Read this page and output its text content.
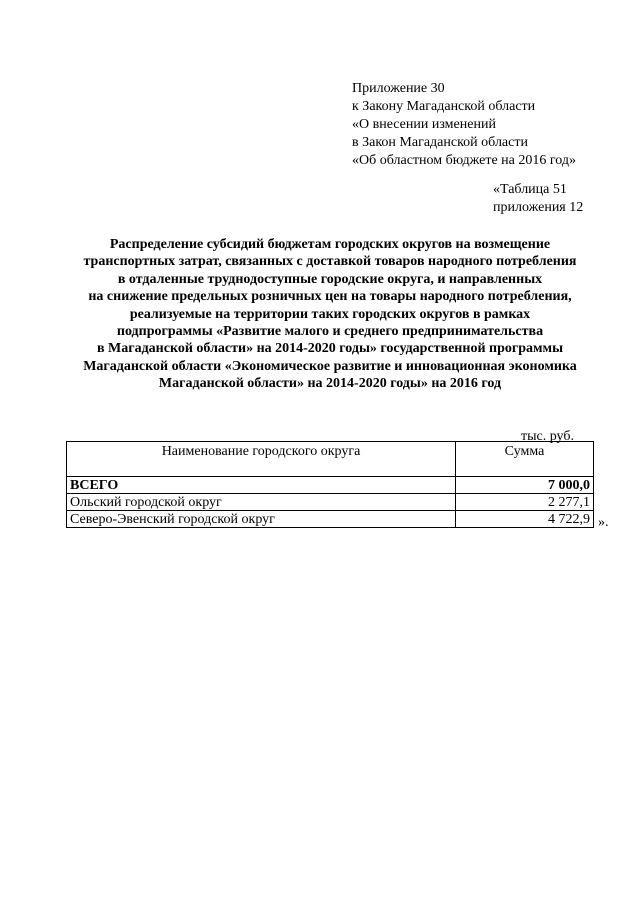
Приложение 30
к Закону Магаданской области
«О внесении изменений
в Закон Магаданской области
«Об областном бюджете на 2016 год»
«Таблица 51
приложения 12
Распределение субсидий бюджетам городских округов на возмещение
транспортных затрат, связанных с доставкой товаров народного потребления
в отдаленные труднодоступные городские округа, и направленных
на снижение предельных розничных цен на товары народного потребления,
реализуемые на территории таких городских округов в рамках
подпрограммы «Развитие малого и среднего предпринимательства
в Магаданской области» на 2014-2020 годы» государственной программы
Магаданской области «Экономическое развитие и инновационная экономика
Магаданской области» на 2014-2020 годы» на 2016 год
тыс. руб.
Наименование городского округа	Сумма
ВСЕГО	7 000,0
Ольский городской округ	2 277,1
Северо-Эвенский городской округ	4 722,9 ».
